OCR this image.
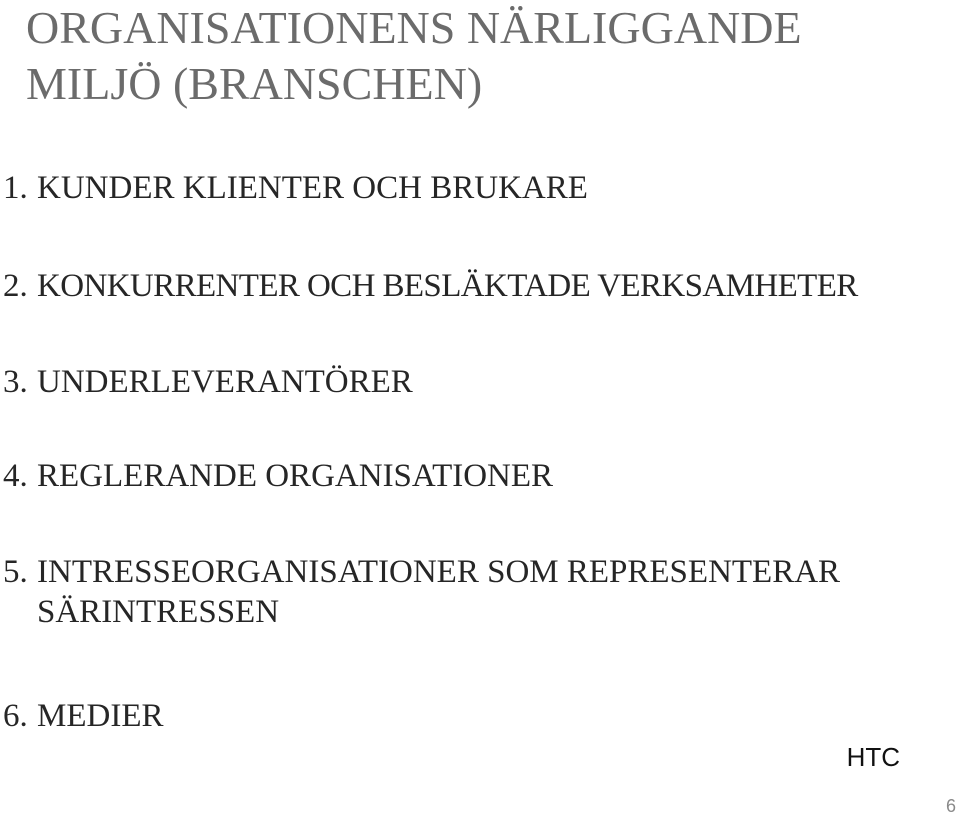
ORGANISATIONENS NÄRLIGGANDE
MILJÖ (BRANSCHEN)
1. KUNDER KLIENTER OCH BRUKARE
2. KONKURRENTER OCH BESLÄKTADE VERKSAMHETER
3. UNDERLEVERANTÖRER
4. REGLERANDE ORGANISATIONER
5. INTRESSEORGANISATIONER SOM REPRESENTERAR
SÄRINTRESSEN
6. MEDIER
HTC
6
